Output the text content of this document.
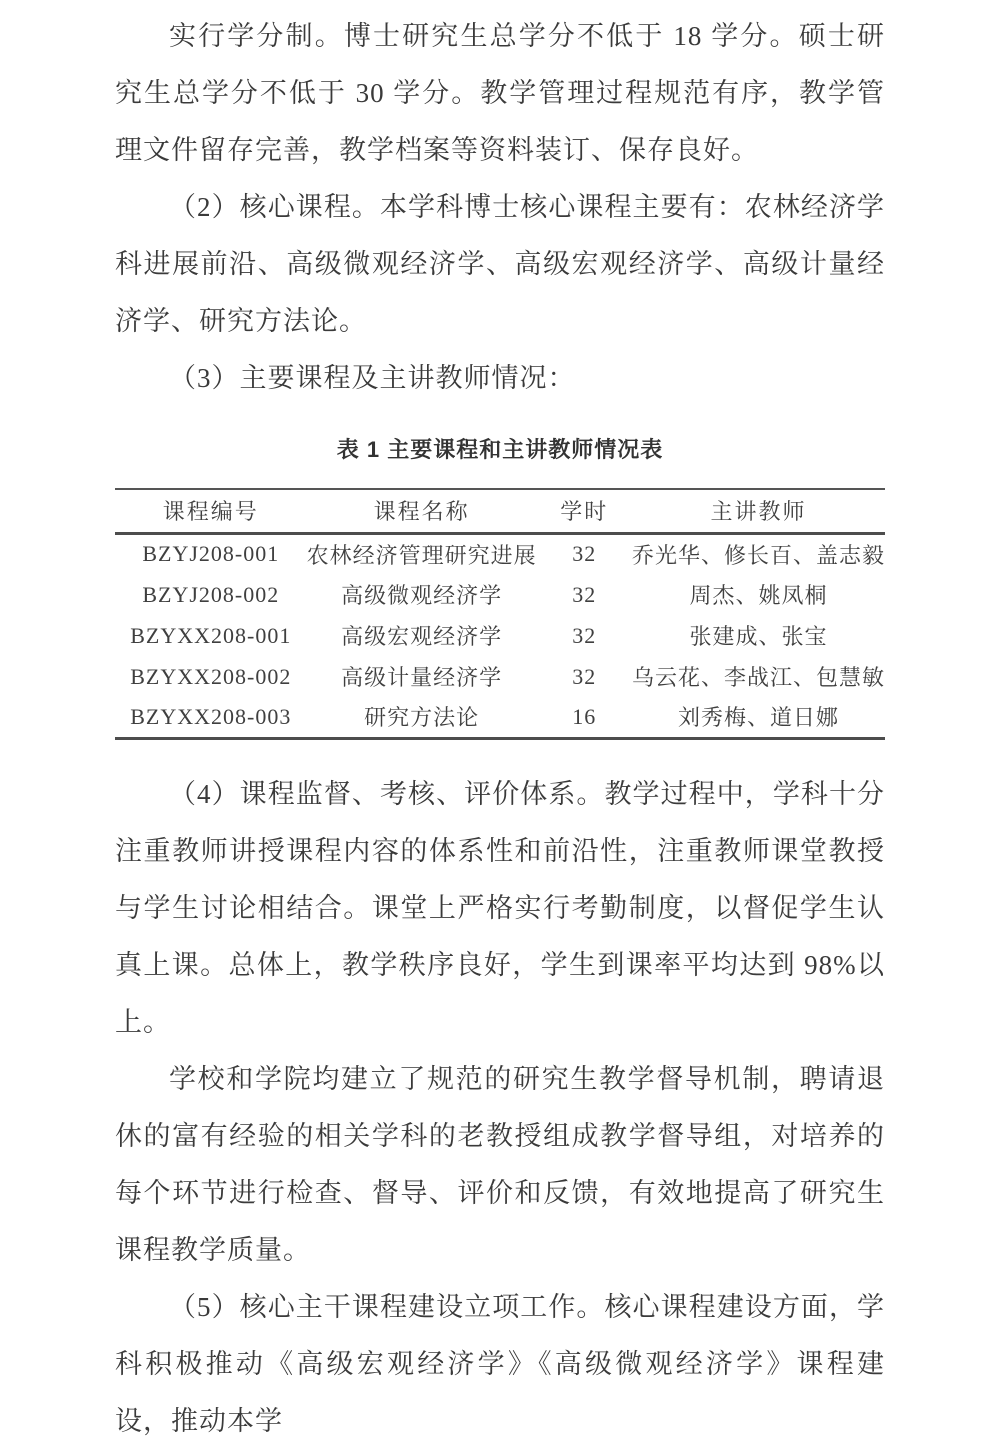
实行学分制。博士研究生总学分不低于 18 学分。硕士研究生总学分不低于 30 学分。教学管理过程规范有序，教学管理文件留存完善，教学档案等资料装订、保存良好。

（2）核心课程。本学科博士核心课程主要有：农林经济学科进展前沿、高级微观经济学、高级宏观经济学、高级计量经济学、研究方法论。

（3）主要课程及主讲教师情况：

表 1 主要课程和主讲教师情况表
课程编号	课程名称	学时	主讲教师
BZYJ208-001	农林经济管理研究进展	32	乔光华、修长百、盖志毅
BZYJ208-002	高级微观经济学	32	周杰、姚凤桐
BZYXX208-001	高级宏观经济学	32	张建成、张宝
BZYXX208-002	高级计量经济学	32	乌云花、李战江、包慧敏
BZYXX208-003	研究方法论	16	刘秀梅、道日娜

（4）课程监督、考核、评价体系。教学过程中，学科十分注重教师讲授课程内容的体系性和前沿性，注重教师课堂教授与学生讨论相结合。课堂上严格实行考勤制度，以督促学生认真上课。总体上，教学秩序良好，学生到课率平均达到 98%以上。

学校和学院均建立了规范的研究生教学督导机制，聘请退休的富有经验的相关学科的老教授组成教学督导组，对培养的每个环节进行检查、督导、评价和反馈，有效地提高了研究生课程教学质量。

（5）核心主干课程建设立项工作。核心课程建设方面，学科积极推动《高级宏观经济学》《高级微观经济学》课程建设，推动本学
